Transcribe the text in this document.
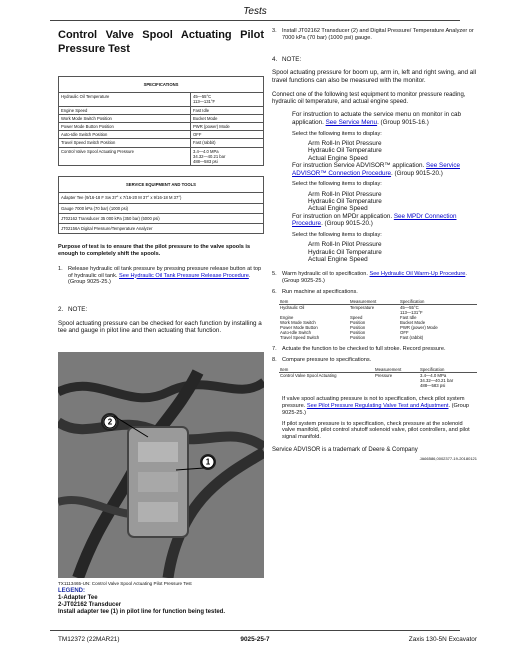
Tests
Control Valve Spool Actuating Pilot Pressure Test
SPECIFICATIONS	
Hydraulic Oil Temperature	45—55°C
113—131°F

Engine Speed	Fast Idle
Work Mode Switch Position	Bucket Mode
Power Mode Button Position	PWR (power) Mode
Auto-Idle Switch Position	OFF
Travel Speed Switch Position	Fast (rabbit)
Control Valve Spool Actuating Pressure	3.4—4.0 MPa
34.32—40.21 bar
488—583 psi
SERVICE EQUIPMENT AND TOOLS
Adapter Tee (9/16-18 F Sw 37° x 7/16-20 M 37° x 9/16-18 M 37°)
Gauge 7000 kPa (70 bar) (1000 psi)
JT02162 Transducer 35 000 kPa (350 bar) (5000 psi)
JT02156A Digital Pressure/Temperature Analyzer
Purpose of test is to ensure that the pilot pressure to the valve spools is enough to completely shift the spools.
1. Release hydraulic oil tank pressure by pressing pressure release button at top of hydraulic oil tank. See Hydraulic Oil Tank Pressure Release Procedure. (Group 9025-25.)
2. NOTE:
Spool actuating pressure can be checked for each function by installing a tee and gauge in pilot line and then actuating that function.
2
1
TX1113465-UN: Control Valve Spool Actuating Pilot Pressure Test
LEGEND:
1-Adapter Tee
2-JT02162 Transducer
Install adapter tee (1) in pilot line for function being tested.
3. Install JT02162 Transducer (2) and Digital Pressure/ Temperature Analyzer or 7000 kPa (70 bar) (1000 psi) gauge.
4. NOTE:
Spool actuating pressure for boom up, arm in, left and right swing, and all travel functions can also be measured with the monitor.
Connect one of the following test equipment to monitor pressure reading, hydraulic oil temperature, and actual engine speed.
For instruction to actuate the service menu on monitor in cab application. See Service Menu. (Group 9015-16.)
Select the following items to display:
Arm Roll-In Pilot Pressure
Hydraulic Oil Temperature
Actual Engine Speed
For instruction Service ADVISOR™ application. See Service ADVISOR™ Connection Procedure. (Group 9015-20.)
Select the following items to display:
Arm Roll-In Pilot Pressure
Hydraulic Oil Temperature
Actual Engine Speed
For instruction on MPDr application. See MPDr Connection Procedure. (Group 9015-20.)
Select the following items to display:
Arm Roll-In Pilot Pressure
Hydraulic Oil Temperature
Actual Engine Speed
5. Warm hydraulic oil to specification. See Hydraulic Oil Warm-Up Procedure. (Group 9025-25.)
6. Run machine at specifications.
Item	Measurement	Specification
Hydraulic Oil	Temperature	45—55°C
113—131°F

Engine	Speed	Fast Idle
Work Mode Switch	Position	Bucket Mode
Power Mode Button	Position	PWR (power) Mode
Auto-Idle Switch	Position	OFF
Travel Speed Switch	Position	Fast (rabbit)
7. Actuate the function to be checked to full stroke. Record pressure.
8. Compare pressure to specifications.
Item	Measurement	Specification
Control Valve Spool Actuating	Pressure	3.4—4.0 MPa
34.32—40.21 bar
488—583 psi
If valve spool actuating pressure is not to specification, check pilot system pressure. See Pilot Pressure Regulating Valve Test and Adjustment. (Group 9025-25.)
If pilot system pressure is to specification, check pressure at the solenoid valve manifold, pilot control shutoff solenoid valve, pilot controllers, and pilot signal manifold.
Service ADVISOR is a trademark of Deere & Company
JA66586,0002377-19-20180121
TM12372 (22MAR21)	9025-25-7	Zaxis 130-5N Excavator
